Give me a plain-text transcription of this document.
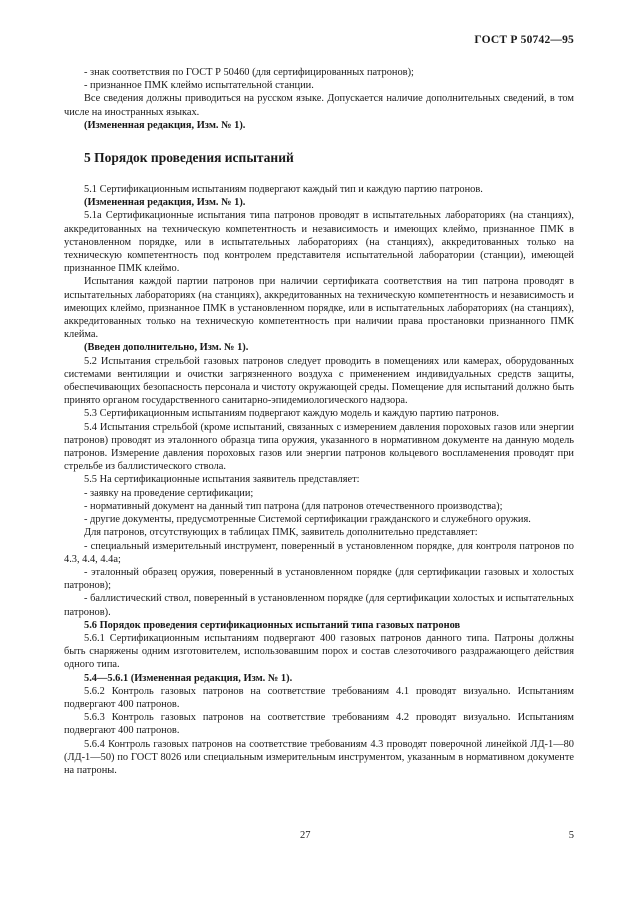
ГОСТ Р 50742—95

- знак соответствия по ГОСТ Р 50460 (для сертифицированных патронов);

- признанное ПМК клеймо испытательной станции.

Все сведения должны приводиться на русском языке. Допускается наличие дополнительных сведений, в том числе на иностранных языках.

(Измененная редакция, Изм. № 1).

5 Порядок проведения испытаний

5.1 Сертификационным испытаниям подвергают каждый тип и каждую партию патронов.

(Измененная редакция, Изм. № 1).

5.1а Сертификационные испытания типа патронов проводят в испытательных лабораториях (на станциях), аккредитованных на техническую компетентность и независимость и имеющих клеймо, признанное ПМК в установленном порядке, или в испытательных лабораториях (на станциях), аккредитованных только на техническую компетентность под контролем представителя испытательной лаборатории (станции), имеющей признанное ПМК клеймо.

Испытания каждой партии патронов при наличии сертификата соответствия на тип патрона проводят в испытательных лабораториях (на станциях), аккредитованных на техническую компетентность и независимость и имеющих клеймо, признанное ПМК в установленном порядке, или в испытательных лабораториях (на станциях), аккредитованных только на техническую компетентность при наличии права простановки признанного ПМК клейма.

(Введен дополнительно, Изм. № 1).

5.2 Испытания стрельбой газовых патронов следует проводить в помещениях или камерах, оборудованных системами вентиляции и очистки загрязненного воздуха с применением индивидуальных средств защиты, обеспечивающих безопасность персонала и чистоту окружающей среды. Помещение для испытаний должно быть принято органом государственного санитарно-эпидемиологического надзора.

5.3 Сертификационным испытаниям подвергают каждую модель и каждую партию патронов.

5.4 Испытания стрельбой (кроме испытаний, связанных с измерением давления пороховых газов или энергии патронов) проводят из эталонного образца типа оружия, указанного в нормативном документе на данную модель патронов. Измерение давления пороховых газов или энергии патронов кольцевого воспламенения проводят при стрельбе из баллистического ствола.

5.5 На сертификационные испытания заявитель представляет:

- заявку на проведение сертификации;

- нормативный документ на данный тип патрона (для патронов отечественного производства);

- другие документы, предусмотренные Системой сертификации гражданского и служебного оружия.

Для патронов, отсутствующих в таблицах ПМК, заявитель дополнительно представляет:

- специальный измерительный инструмент, поверенный в установленном порядке, для контроля патронов по 4.3, 4.4, 4.4а;

- эталонный образец оружия, поверенный в установленном порядке (для сертификации газовых и холостых патронов);

- баллистический ствол, поверенный в установленном порядке (для сертификации холостых и испытательных патронов).

5.6 Порядок проведения сертификационных испытаний типа газовых патронов

5.6.1 Сертификационным испытаниям подвергают 400 газовых патронов данного типа. Патроны должны быть снаряжены одним изготовителем, использовавшим порох и состав слезоточивого раздражающего действия одного типа.

5.4—5.6.1 (Измененная редакция, Изм. № 1).

5.6.2 Контроль газовых патронов на соответствие требованиям 4.1 проводят визуально. Испытаниям подвергают 400 патронов.

5.6.3 Контроль газовых патронов на соответствие требованиям 4.2 проводят визуально. Испытаниям подвергают 400 патронов.

5.6.4 Контроль газовых патронов на соответствие требованиям 4.3 проводят поверочной линейкой ЛД-1—80 (ЛД-1—50) по ГОСТ 8026 или специальным измерительным инструментом, указанным в нормативном документе на патроны.

27	5
